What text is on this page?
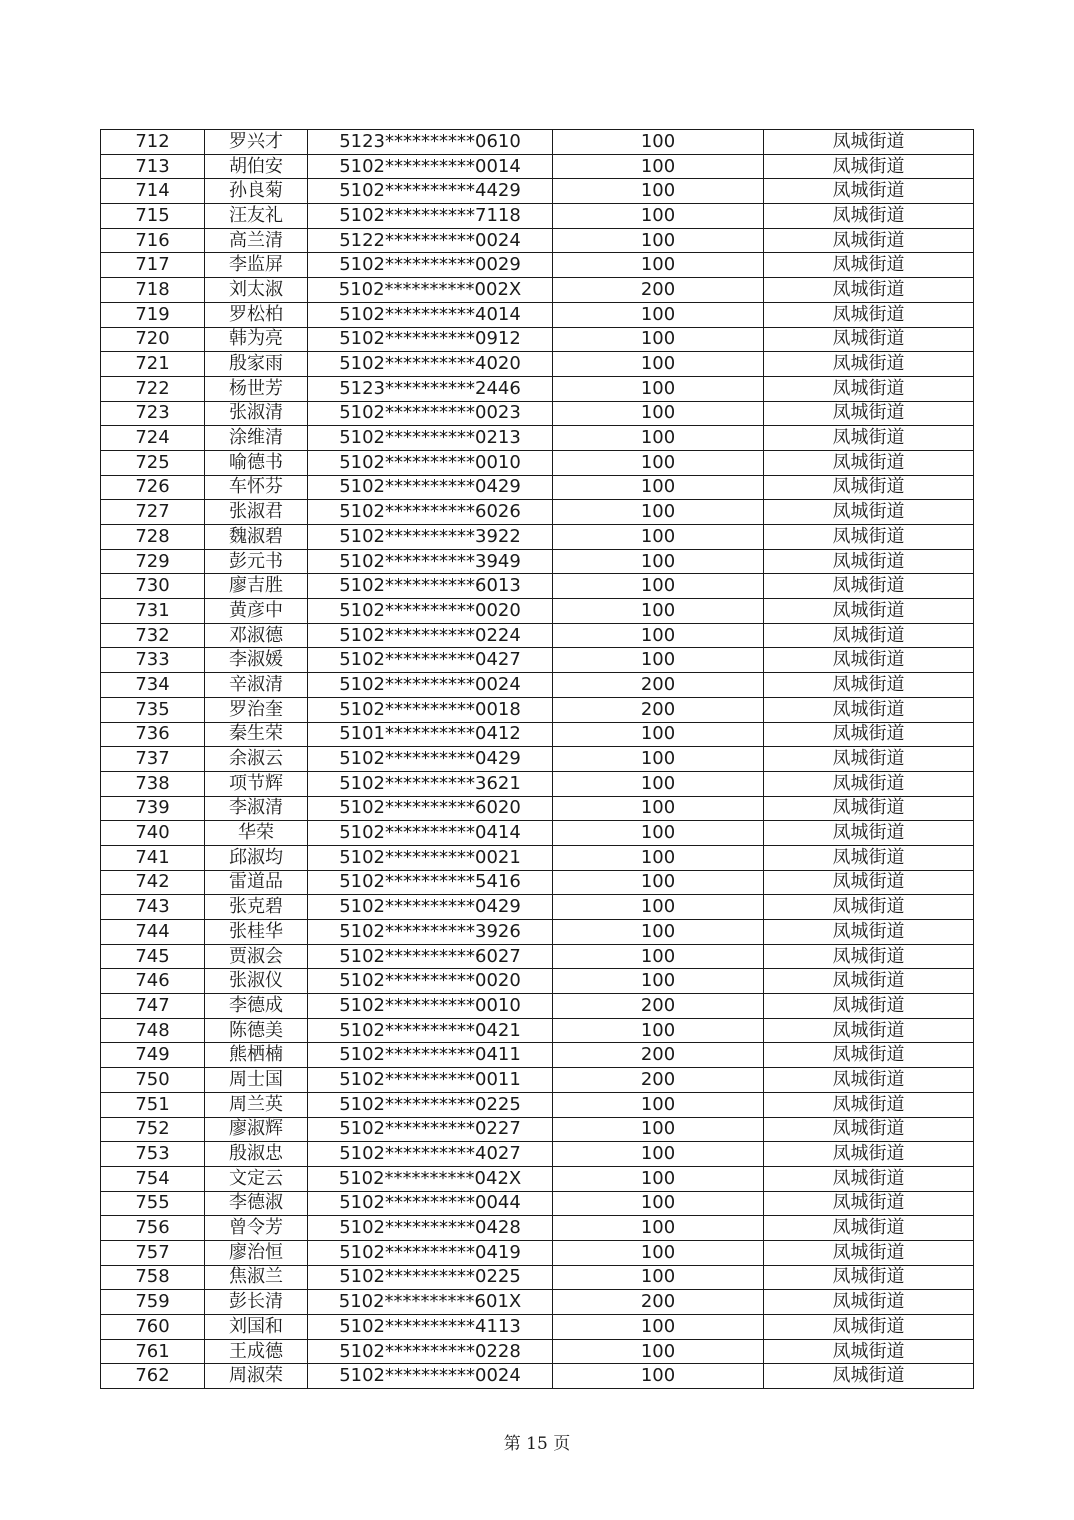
712	罗兴才	5123**********0610	100	凤城街道
713	胡伯安	5102**********0014	100	凤城街道
714	孙良菊	5102**********4429	100	凤城街道
715	汪友礼	5102**********7118	100	凤城街道
716	高兰清	5122**********0024	100	凤城街道
717	李监屏	5102**********0029	100	凤城街道
718	刘太淑	5102**********002X	200	凤城街道
719	罗松柏	5102**********4014	100	凤城街道
720	韩为亮	5102**********0912	100	凤城街道
721	殷家雨	5102**********4020	100	凤城街道
722	杨世芳	5123**********2446	100	凤城街道
723	张淑清	5102**********0023	100	凤城街道
724	涂维清	5102**********0213	100	凤城街道
725	喻德书	5102**********0010	100	凤城街道
726	车怀芬	5102**********0429	100	凤城街道
727	张淑君	5102**********6026	100	凤城街道
728	魏淑碧	5102**********3922	100	凤城街道
729	彭元书	5102**********3949	100	凤城街道
730	廖吉胜	5102**********6013	100	凤城街道
731	黄彦中	5102**********0020	100	凤城街道
732	邓淑德	5102**********0224	100	凤城街道
733	李淑媛	5102**********0427	100	凤城街道
734	辛淑清	5102**********0024	200	凤城街道
735	罗治奎	5102**********0018	200	凤城街道
736	秦生荣	5101**********0412	100	凤城街道
737	余淑云	5102**********0429	100	凤城街道
738	项节辉	5102**********3621	100	凤城街道
739	李淑清	5102**********6020	100	凤城街道
740	华荣	5102**********0414	100	凤城街道
741	邱淑均	5102**********0021	100	凤城街道
742	雷道品	5102**********5416	100	凤城街道
743	张克碧	5102**********0429	100	凤城街道
744	张桂华	5102**********3926	100	凤城街道
745	贾淑会	5102**********6027	100	凤城街道
746	张淑仪	5102**********0020	100	凤城街道
747	李德成	5102**********0010	200	凤城街道
748	陈德美	5102**********0421	100	凤城街道
749	熊栖楠	5102**********0411	200	凤城街道
750	周士国	5102**********0011	200	凤城街道
751	周兰英	5102**********0225	100	凤城街道
752	廖淑辉	5102**********0227	100	凤城街道
753	殷淑忠	5102**********4027	100	凤城街道
754	文定云	5102**********042X	100	凤城街道
755	李德淑	5102**********0044	100	凤城街道
756	曾令芳	5102**********0428	100	凤城街道
757	廖治恒	5102**********0419	100	凤城街道
758	焦淑兰	5102**********0225	100	凤城街道
759	彭长清	5102**********601X	200	凤城街道
760	刘国和	5102**********4113	100	凤城街道
761	王成德	5102**********0228	100	凤城街道
762	周淑荣	5102**********0024	100	凤城街道
第 15 页
